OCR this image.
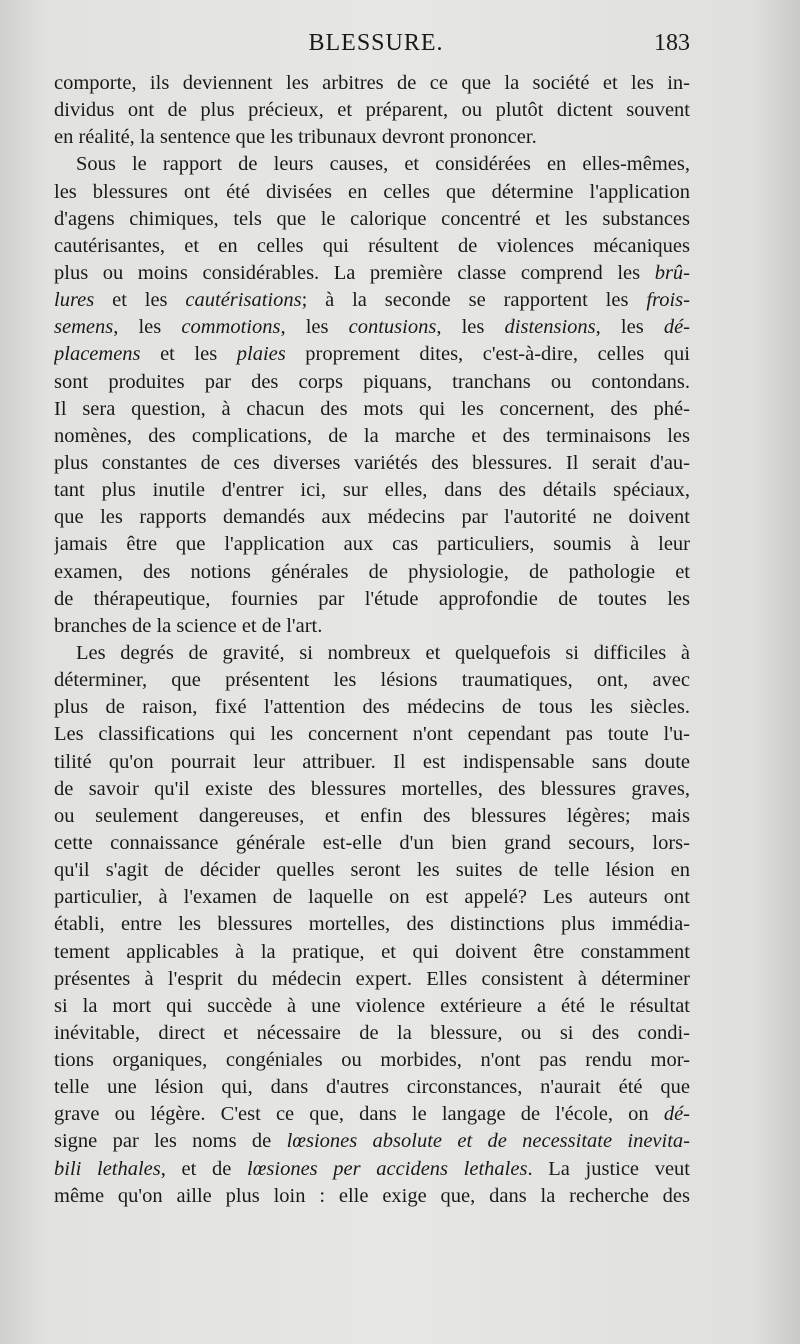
BLESSURE.	183
comporte, ils deviennent les arbitres de ce que la société et les in-
dividus ont de plus précieux, et préparent, ou plutôt dictent souvent
en réalité, la sentence que les tribunaux devront prononcer.
Sous le rapport de leurs causes, et considérées en elles-mêmes,
les blessures ont été divisées en celles que détermine l'application
d'agens chimiques, tels que le calorique concentré et les substances
cautérisantes, et en celles qui résultent de violences mécaniques
plus ou moins considérables. La première classe comprend les brû-
lures et les cautérisations; à la seconde se rapportent les frois-
semens, les commotions, les contusions, les distensions, les dé-
placemens et les plaies proprement dites, c'est-à-dire, celles qui
sont produites par des corps piquans, tranchans ou contondans.
Il sera question, à chacun des mots qui les concernent, des phé-
nomènes, des complications, de la marche et des terminaisons les
plus constantes de ces diverses variétés des blessures. Il serait d'au-
tant plus inutile d'entrer ici, sur elles, dans des détails spéciaux,
que les rapports demandés aux médecins par l'autorité ne doivent
jamais être que l'application aux cas particuliers, soumis à leur
examen, des notions générales de physiologie, de pathologie et
de thérapeutique, fournies par l'étude approfondie de toutes les
branches de la science et de l'art.
Les degrés de gravité, si nombreux et quelquefois si difficiles à
déterminer, que présentent les lésions traumatiques, ont, avec
plus de raison, fixé l'attention des médecins de tous les siècles.
Les classifications qui les concernent n'ont cependant pas toute l'u-
tilité qu'on pourrait leur attribuer. Il est indispensable sans doute
de savoir qu'il existe des blessures mortelles, des blessures graves,
ou seulement dangereuses, et enfin des blessures légères; mais
cette connaissance générale est-elle d'un bien grand secours, lors-
qu'il s'agit de décider quelles seront les suites de telle lésion en
particulier, à l'examen de laquelle on est appelé? Les auteurs ont
établi, entre les blessures mortelles, des distinctions plus immédia-
tement applicables à la pratique, et qui doivent être constamment
présentes à l'esprit du médecin expert. Elles consistent à déterminer
si la mort qui succède à une violence extérieure a été le résultat
inévitable, direct et nécessaire de la blessure, ou si des condi-
tions organiques, congéniales ou morbides, n'ont pas rendu mor-
telle une lésion qui, dans d'autres circonstances, n'aurait été que
grave ou légère. C'est ce que, dans le langage de l'école, on dé-
signe par les noms de lœsiones absolute et de necessitate inevita-
bili lethales, et de lœsiones per accidens lethales. La justice veut
même qu'on aille plus loin : elle exige que, dans la recherche des
